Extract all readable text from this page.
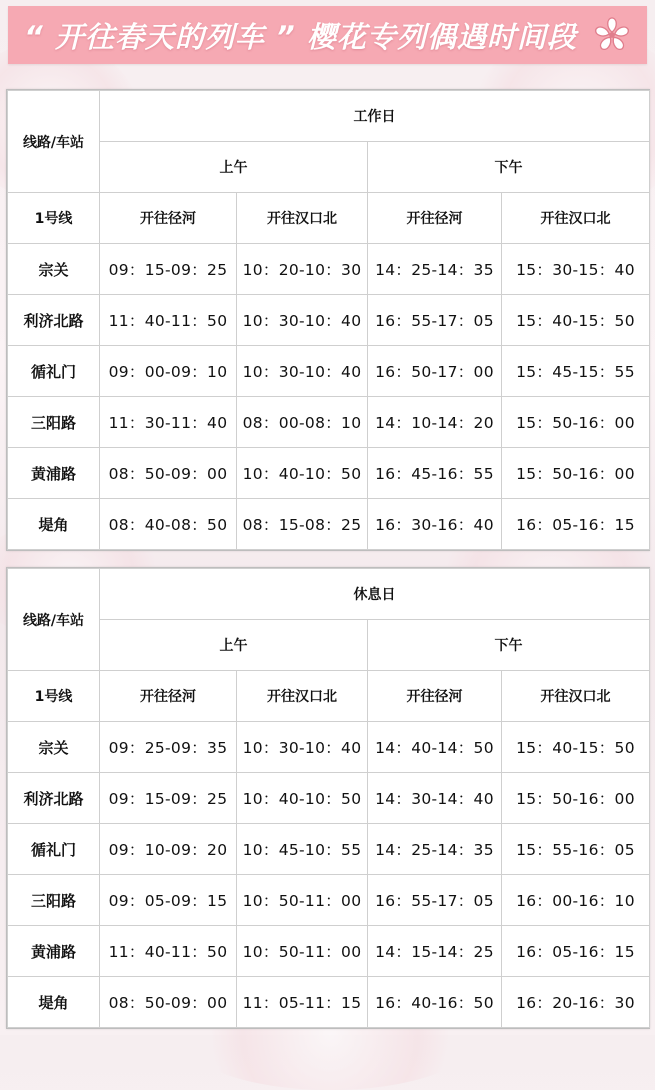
“ 开往春天的列车 ” 樱花专列偶遇时间段
线路/车站	工作日			
	上午		下午	
1号线	开往径河	开往汉口北	开往径河	开往汉口北
宗关	09：15-09：25	10：20-10：30	14：25-14：35	15：30-15：40
利济北路	11：40-11：50	10：30-10：40	16：55-17：05	15：40-15：50
循礼门	09：00-09：10	10：30-10：40	16：50-17：00	15：45-15：55
三阳路	11：30-11：40	08：00-08：10	14：10-14：20	15：50-16：00
黄浦路	08：50-09：00	10：40-10：50	16：45-16：55	15：50-16：00
堤角	08：40-08：50	08：15-08：25	16：30-16：40	16：05-16：15
线路/车站	休息日			
	上午		下午	
1号线	开往径河	开往汉口北	开往径河	开往汉口北
宗关	09：25-09：35	10：30-10：40	14：40-14：50	15：40-15：50
利济北路	09：15-09：25	10：40-10：50	14：30-14：40	15：50-16：00
循礼门	09：10-09：20	10：45-10：55	14：25-14：35	15：55-16：05
三阳路	09：05-09：15	10：50-11：00	16：55-17：05	16：00-16：10
黄浦路	11：40-11：50	10：50-11：00	14：15-14：25	16：05-16：15
堤角	08：50-09：00	11：05-11：15	16：40-16：50	16：20-16：30
